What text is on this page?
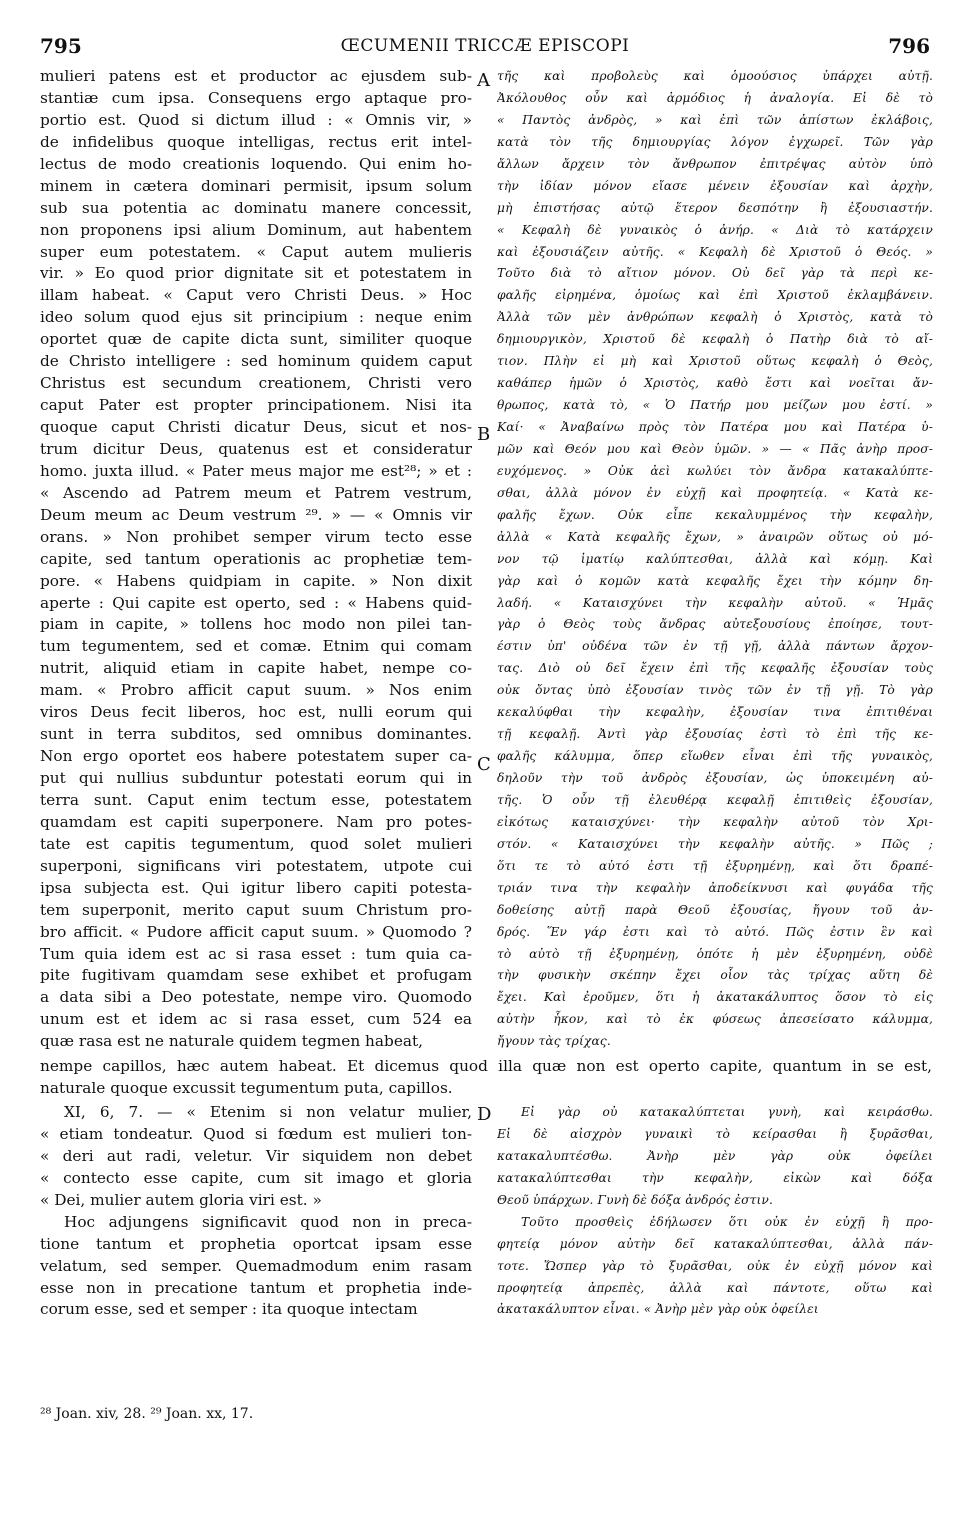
795	ŒCUMENII TRICCÆ EPISCOPI	796
mulieri patens est et productor ac ejusdem sub-
stantiæ cum ipsa. Consequens ergo aptaque pro-
portio est. Quod si dictum illud : « Omnis vir, »
de infidelibus quoque intelligas, rectus erit intel-
lectus de modo creationis loquendo. Qui enim ho-
minem in cætera dominari permisit, ipsum solum
sub sua potentia ac dominatu manere concessit,
non proponens ipsi alium Dominum, aut habentem
super eum potestatem. « Caput autem mulieris
vir. » Eo quod prior dignitate sit et potestatem in
illam habeat. « Caput vero Christi Deus. » Hoc
ideo solum quod ejus sit principium : neque enim
oportet quæ de capite dicta sunt, similiter quoque
de Christo intelligere : sed hominum quidem caput
Christus est secundum creationem, Christi vero
caput Pater est propter principationem. Nisi ita
quoque caput Christi dicatur Deus, sicut et nos-
trum dicitur Deus, quatenus est et consideratur
homo. juxta illud. « Pater meus major me est²⁸; » et :
« Ascendo ad Patrem meum et Patrem vestrum,
Deum meum ac Deum vestrum ²⁹. » — « Omnis vir
orans. » Non prohibet semper virum tecto esse
capite, sed tantum operationis ac prophetiæ tem-
pore. « Habens quidpiam in capite. » Non dixit
aperte : Qui capite est operto, sed : « Habens quid-
piam in capite, » tollens hoc modo non pilei tan-
tum tegumentem, sed et comæ. Etnim qui comam
nutrit, aliquid etiam in capite habet, nempe co-
mam. « Probro afficit caput suum. » Nos enim
viros Deus fecit liberos, hoc est, nulli eorum qui
sunt in terra subditos, sed omnibus dominantes.
Non ergo oportet eos habere potestatem super ca-
put qui nullius subduntur potestati eorum qui in
terra sunt. Caput enim tectum esse, potestatem
quamdam est capiti superponere. Nam pro potes-
tate est capitis tegumentum, quod solet mulieri
superponi, significans viri potestatem, utpote cui
ipsa subjecta est. Qui igitur libero capiti potesta-
tem superponit, merito caput suum Christum pro-
bro afficit. « Pudore afficit caput suum. » Quomodo ?
Tum quia idem est ac si rasa esset : tum quia ca-
pite fugitivam quamdam sese exhibet et profugam
a data sibi a Deo potestate, nempe viro. Quomodo
unum est et idem ac si rasa esset, cum 524 ea
quæ rasa est ne naturale quidem tegmen habeat,
τῆς καὶ προβολεὺς καὶ ὁμοούσιος ὑπάρχει αὐτῇ.
Ἀκόλουθος οὖν καὶ ἁρμόδιος ἡ ἀναλογία. Εἰ δὲ τὸ
« Παντὸς ἀνδρὸς, » καὶ ἐπὶ τῶν ἀπίστων ἐκλάβοις,
κατὰ τὸν τῆς δημιουργίας λόγον ἐγχωρεῖ. Τῶν γὰρ
ἄλλων ἄρχειν τὸν ἄνθρωπον ἐπιτρέψας αὐτὸν ὑπὸ
τὴν ἰδίαν μόνον εἴασε μένειν ἐξουσίαν καὶ ἀρχὴν,
μὴ ἐπιστήσας αὐτῷ ἕτερον δεσπότην ἢ ἐξουσιαστήν.
« Κεφαλὴ δὲ γυναικὸς ὁ ἀνήρ. « Διὰ τὸ κατάρχειν
καὶ ἐξουσιάζειν αὐτῆς. « Κεφαλὴ δὲ Χριστοῦ ὁ Θεός. »
Τοῦτο διὰ τὸ αἴτιον μόνον. Οὐ δεῖ γὰρ τὰ περὶ κε-
φαλῆς εἰρημένα, ὁμοίως καὶ ἐπὶ Χριστοῦ ἐκλαμβάνειν.
Ἀλλὰ τῶν μὲν ἀνθρώπων κεφαλὴ ὁ Χριστὸς, κατὰ τὸ
δημιουργικὸν, Χριστοῦ δὲ κεφαλὴ ὁ Πατὴρ διὰ τὸ αἴ-
τιον. Πλὴν εἰ μὴ καὶ Χριστοῦ οὕτως κεφαλὴ ὁ Θεὸς,
καθάπερ ἡμῶν ὁ Χριστὸς, καθὸ ἔστι καὶ νοεῖται ἄν-
θρωπος, κατὰ τὸ, « Ὁ Πατήρ μου μείζων μου ἐστί. »
Καί· « Ἀναβαίνω πρὸς τὸν Πατέρα μου καὶ Πατέρα ὑ-
μῶν καὶ Θεόν μου καὶ Θεὸν ὑμῶν. » — « Πᾶς ἀνὴρ προσ-
ευχόμενος. » Οὐκ ἀεὶ κωλύει τὸν ἄνδρα κατακαλύπτε-
σθαι, ἀλλὰ μόνον ἐν εὐχῇ καὶ προφητείᾳ. « Κατὰ κε-
φαλῆς ἔχων. Οὐκ εἶπε κεκαλυμμένος τὴν κεφαλὴν,
ἀλλὰ « Κατὰ κεφαλῆς ἔχων, » ἀναιρῶν οὕτως οὐ μό-
νον τῷ ἱματίῳ καλύπτεσθαι, ἀλλὰ καὶ κόμῃ. Καὶ
γὰρ καὶ ὁ κομῶν κατὰ κεφαλῆς ἔχει τὴν κόμην δη-
λαδή. « Καταισχύνει τὴν κεφαλὴν αὐτοῦ. « Ἡμᾶς
γὰρ ὁ Θεὸς τοὺς ἄνδρας αὐτεξουσίους ἐποίησε, τουτ-
έστιν ὑπ' οὐδένα τῶν ἐν τῇ γῇ, ἀλλὰ πάντων ἄρχον-
τας. Διὸ οὐ δεῖ ἔχειν ἐπὶ τῆς κεφαλῆς ἐξουσίαν τοὺς
οὐκ ὄντας ὑπὸ ἐξουσίαν τινὸς τῶν ἐν τῇ γῇ. Τὸ γὰρ
κεκαλύφθαι τὴν κεφαλὴν, ἐξουσίαν τινα ἐπιτιθέναι
τῇ κεφαλῇ. Ἀντὶ γὰρ ἐξουσίας ἐστὶ τὸ ἐπὶ τῆς κε-
φαλῆς κάλυμμα, ὅπερ εἴωθεν εἶναι ἐπὶ τῆς γυναικὸς,
δηλοῦν τὴν τοῦ ἀνδρὸς ἐξουσίαν, ὡς ὑποκειμένη αὐ-
τῆς. Ὁ οὖν τῇ ἐλευθέρᾳ κεφαλῇ ἐπιτιθεὶς ἐξουσίαν,
εἰκότως καταισχύνει· τὴν κεφαλὴν αὐτοῦ τὸν Χρι-
στόν. « Καταισχύνει τὴν κεφαλὴν αὐτῆς. » Πῶς ;
ὅτι τε τὸ αὐτό ἐστι τῇ ἐξυρημένῃ, καὶ ὅτι δραπέ-
τριάν τινα τὴν κεφαλὴν ἀποδείκνυσι καὶ φυγάδα τῆς
δοθείσης αὐτῇ παρὰ Θεοῦ ἐξουσίας, ἤγουν τοῦ ἀν-
δρός. Ἕν γάρ ἐστι καὶ τὸ αὐτό. Πῶς ἐστιν ἓν καὶ
τὸ αὐτὸ τῇ ἐξυρημένῃ, ὁπότε ἡ μὲν ἐξυρημένη, οὐδὲ
τὴν φυσικὴν σκέπην ἔχει οἷον τὰς τρίχας αὕτη δὲ
ἔχει. Καὶ ἐροῦμεν, ὅτι ἡ ἀκατακάλυπτος ὅσον τὸ εἰς
αὐτὴν ἧκον, καὶ τὸ ἐκ φύσεως ἀπεσείσατο κάλυμμα,
ἤγουν τὰς τρίχας.
A
B
C
D
nempe capillos, hæc autem habeat. Et dicemus quod illa quæ non est operto capite, quantum in se est,
naturale quoque excussit tegumentum puta, capillos.
XI, 6, 7. — « Etenim si non velatur mulier,
« etiam tondeatur. Quod si fœdum est mulieri ton-
« deri aut radi, veletur. Vir siquidem non debet
« contecto esse capite, cum sit imago et gloria
« Dei, mulier autem gloria viri est. »
Hoc adjungens significavit quod non in preca-
tione tantum et prophetia oportcat ipsam esse
velatum, sed semper. Quemadmodum enim rasam
esse non in precatione tantum et prophetia inde-
corum esse, sed et semper : ita quoque intectam
Εἰ γὰρ οὐ κατακαλύπτεται γυνὴ, καὶ κειράσθω.
Εἰ δὲ αἰσχρὸν γυναικὶ τὸ κείρασθαι ἢ ξυρᾶσθαι,
κατακαλυπτέσθω. Ἀνὴρ μὲν γὰρ οὐκ ὀφείλει
κατακαλύπτεσθαι τὴν κεφαλὴν, εἰκὼν καὶ δόξα
Θεοῦ ὑπάρχων. Γυνὴ δὲ δόξα ἀνδρός ἐστιν.
Τοῦτο προσθεὶς ἐδήλωσεν ὅτι οὐκ ἐν εὐχῇ ἢ προ-
φητείᾳ μόνον αὐτὴν δεῖ κατακαλύπτεσθαι, ἀλλὰ πάν-
τοτε. Ὥσπερ γὰρ τὸ ξυρᾶσθαι, οὐκ ἐν εὐχῇ μόνον καὶ
προφητείᾳ ἀπρεπὲς, ἀλλὰ καὶ πάντοτε, οὕτω καὶ
ἀκατακάλυπτον εἶναι. « Ἀνὴρ μὲν γὰρ οὐκ ὀφείλει
²⁸ Joan. xiv, 28. ²⁹ Joan. xx, 17.
